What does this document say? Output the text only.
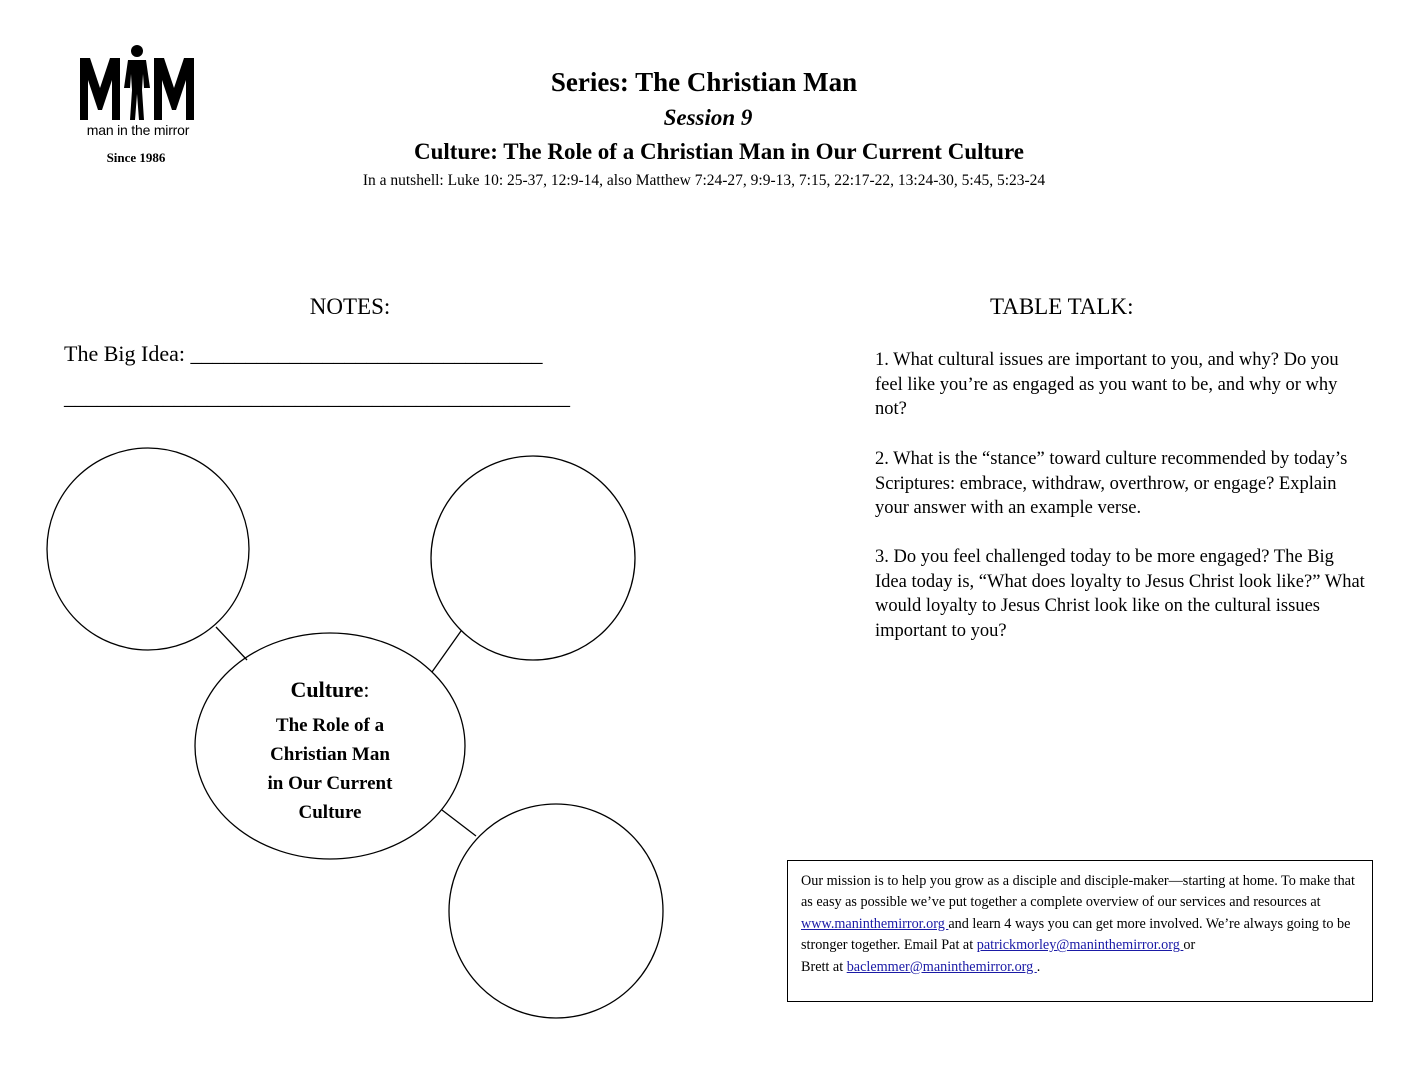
man in the mirror
Since 1986
Series: The Christian Man
Session 9
Culture: The Role of a Christian Man in Our Current Culture
In a nutshell: Luke 10: 25-37, 12:9-14, also Matthew 7:24-27, 9:9-13, 7:15, 22:17-22, 13:24-30, 5:45, 5:23-24
NOTES:
The Big Idea: ________________________________
______________________________________________
Culture:
The Role of a
Christian Man
in Our Current
Culture
TABLE TALK:
1. What cultural issues are important to you, and why? Do you feel like you’re as engaged as you want to be, and why or why not?
2. What is the “stance” toward culture recommended by today’s Scriptures: embrace, withdraw, overthrow, or engage? Explain your answer with an example verse.
3. Do you feel challenged today to be more engaged? The Big Idea today is, “What does loyalty to Jesus Christ look like?” What would loyalty to Jesus Christ look like on the cultural issues important to you?
Our mission is to help you grow as a disciple and disciple-maker—starting at home. To make that as easy as possible we’ve put together a complete overview of our services and resources at www.maninthemirror.org and learn 4 ways you can get more involved. We’re always going to be stronger together. Email Pat at patrickmorley@maninthemirror.org or
Brett at baclemmer@maninthemirror.org .
